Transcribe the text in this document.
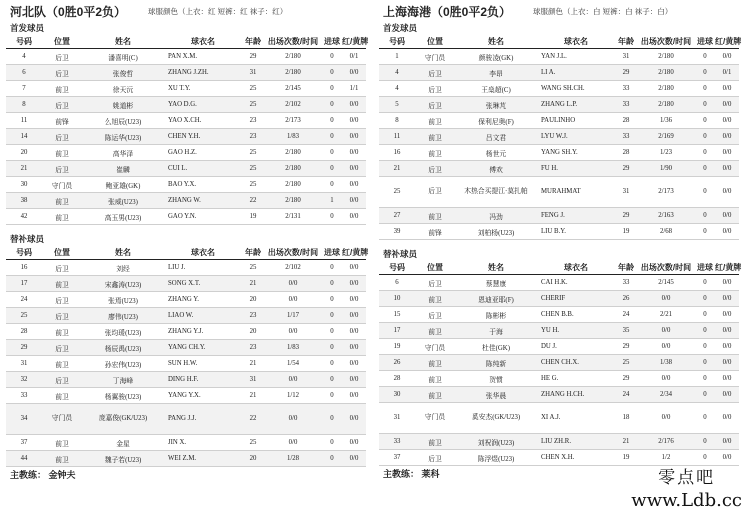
河北队（0胜0平2负）	球服颜色（上衣：红 短裤：红 袜子：红）
首发球员
号码	位置	姓名	球衣名	年龄	出场次数/时间	进球	红/黄牌
4	后卫	潘喜明(C)	PAN X.M.	29	2/180	0	0/1
6	后卫	张俊哲	ZHANG J.ZH.	31	2/180	0	0/0
7	前卫	徐天沅	XU T.Y.	25	2/145	0	1/1
8	后卫	姚道彬	YAO D.G.	25	2/102	0	0/0
11	前锋	么旭辰(U23)	YAO X.CH.	23	2/173	0	0/0
14	后卫	陈运华(U23)	CHEN Y.H.	23	1/83	0	0/0
20	前卫	高华泽	GAO H.Z.	25	2/180	0	0/0
21	后卫	崔麟	CUI L.	25	2/180	0	0/0
30	守门员	鲍亚雄(GK)	BAO Y.X.	25	2/180	0	0/0
38	前卫	张威(U23)	ZHANG W.	22	2/180	1	0/0
42	前卫	高玉男(U23)	GAO Y.N.	19	2/131	0	0/0
替补球员
号码	位置	姓名	球衣名	年龄	出场次数/时间	进球	红/黄牌
16	后卫	刘经	LIU J.	25	2/102	0	0/0
17	前卫	宋鑫涛(U23)	SONG X.T.	21	0/0	0	0/0
24	后卫	张焉(U23)	ZHANG Y.	20	0/0	0	0/0
25	后卫	廖伟(U23)	LIAO W.	23	1/17	0	0/0
28	前卫	张均瑗(U23)	ZHANG Y.J.	20	0/0	0	0/0
29	后卫	杨辰禹(U23)	YANG CH.Y.	23	1/83	0	0/0
31	前卫	孙宏伟(U23)	SUN H.W.	21	1/54	0	0/0
32	后卫	丁海峰	DING H.F.	31	0/0	0	0/0
33	前卫	杨翼骏(U23)	YANG Y.X.	21	1/12	0	0/0
34	守门员	庞嘉俊(GK/U23)	PANG J.J.	22	0/0	0	0/0
37	前卫	金星	JIN X.	25	0/0	0	0/0
44	前卫	魏子若(U23)	WEI Z.M.	20	1/28	0	0/0
主教练： 金钟夫
上海海港（0胜0平2负）	球服颜色（上衣：白 短裤：白 袜子：白）
首发球员
号码	位置	姓名	球衣名	年龄	出场次数/时间	进球	红/黄牌
1	守门员	颜骏凌(GK)	YAN J.L.	31	2/180	0	0/0
4	后卫	李昂	LI A.	29	2/180	0	0/1
4	后卫	王燊超(C)	WANG SH.CH.	33	2/180	0	0/0
5	后卫	张琳芃	ZHANG L.P.	33	2/180	0	0/0
8	前卫	保利尼奥(F)	PAULINHO	28	1/36	0	0/0
11	前卫	吕文君	LYU W.J.	33	2/169	0	0/0
16	前卫	杨世元	YANG SH.Y.	28	1/23	0	0/0
21	后卫	傅欢	FU H.	29	1/90	0	0/0
25	后卫	木热合买提江·莫扎帕	MURAHMAT	31	2/173	0	0/0
27	前卫	冯劲	FENG J.	29	2/163	0	0/0
39	前锋	刘柏杨(U23)	LIU B.Y.	19	2/68	0	0/0
替补球员
号码	位置	姓名	球衣名	年龄	出场次数/时间	进球	红/黄牌
6	后卫	蔡慧康	CAI H.K.	33	2/145	0	0/0
10	前卫	恩迪亚耶(F)	CHERIF	26	0/0	0	0/0
15	后卫	陈彬彬	CHEN B.B.	24	2/21	0	0/0
17	前卫	于海	YU H.	35	0/0	0	0/0
19	守门员	杜佳(GK)	DU J.	29	0/0	0	0/0
26	前卫	陈纯新	CHEN CH.X.	25	1/38	0	0/0
28	前卫	贺惯	HE G.	29	0/0	0	0/0
30	前卫	张华晨	ZHANG H.CH.	24	2/34	0	0/0
31	守门员	奚安杰(GK/U23)	XI A.J.	18	0/0	0	0/0
33	前卫	刘祝润(U23)	LIU ZH.R.	21	2/176	0	0/0
37	后卫	陈浮煜(U23)	CHEN X.H.	19	1/2	0	0/0
主教练： 莱科	零点吧
www.Ldb.cc
